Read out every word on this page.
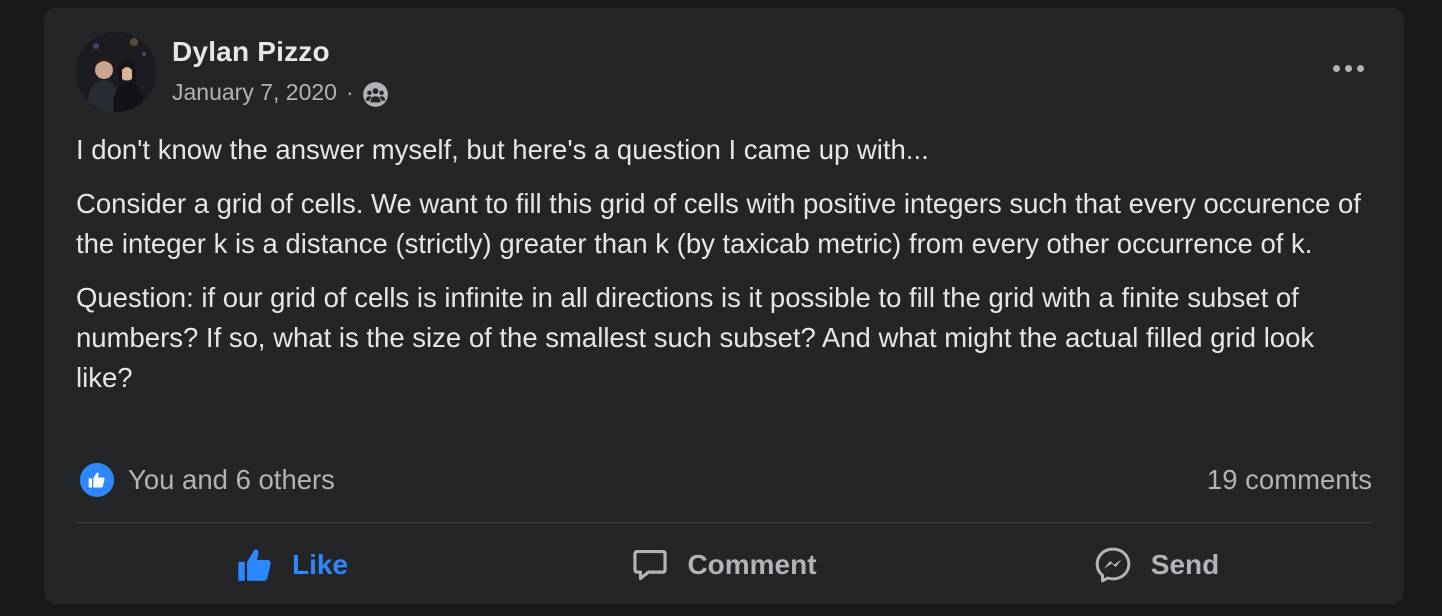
Dylan Pizzo
January 7, 2020 ·

I don't know the answer myself, but here's a question I came up with...

Consider a grid of cells. We want to fill this grid of cells with positive integers such that every occurence of the integer k is a distance (strictly) greater than k (by taxicab metric) from every other occurrence of k.

Question: if our grid of cells is infinite in all directions is it possible to fill the grid with a finite subset of numbers? If so, what is the size of the smallest such subset? And what might the actual filled grid look like?

You and 6 others	19 comments
Like	Comment	Send
